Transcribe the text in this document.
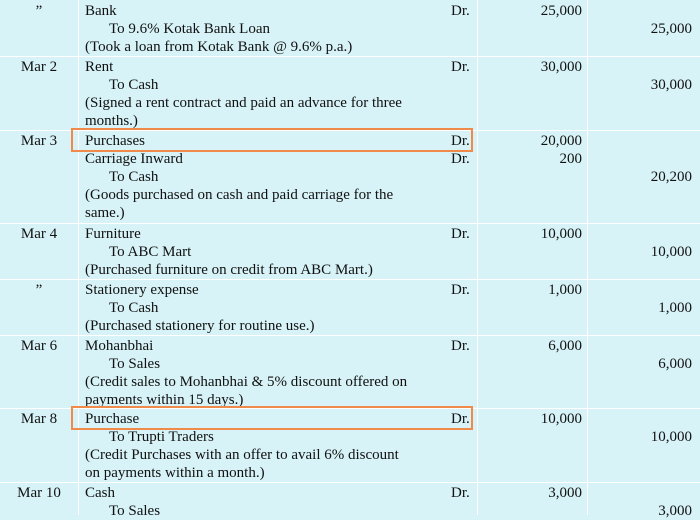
”	Bank	Dr.	25,000
To 9.6% Kotak Bank Loan	25,000
(Took a loan from Kotak Bank @ 9.6% p.a.)
Mar 2	Rent	Dr.	30,000
To Cash	30,000
(Signed a rent contract and paid an advance for three
months.)
Mar 3	Purchases	Dr.	20,000
Carriage Inward	Dr.	200
To Cash	20,200
(Goods purchased on cash and paid carriage for the
same.)
Mar 4	Furniture	Dr.	10,000
To ABC Mart	10,000
(Purchased furniture on credit from ABC Mart.)
”	Stationery expense	Dr.	1,000
To Cash	1,000
(Purchased stationery for routine use.)
Mar 6	Mohanbhai	Dr.	6,000
To Sales	6,000
(Credit sales to Mohanbhai & 5% discount offered on
payments within 15 days.)
Mar 8	Purchase	Dr.	10,000
To Trupti Traders	10,000
(Credit Purchases with an offer to avail 6% discount
on payments within a month.)
Mar 10	Cash	Dr.	3,000
To Sales	3,000
